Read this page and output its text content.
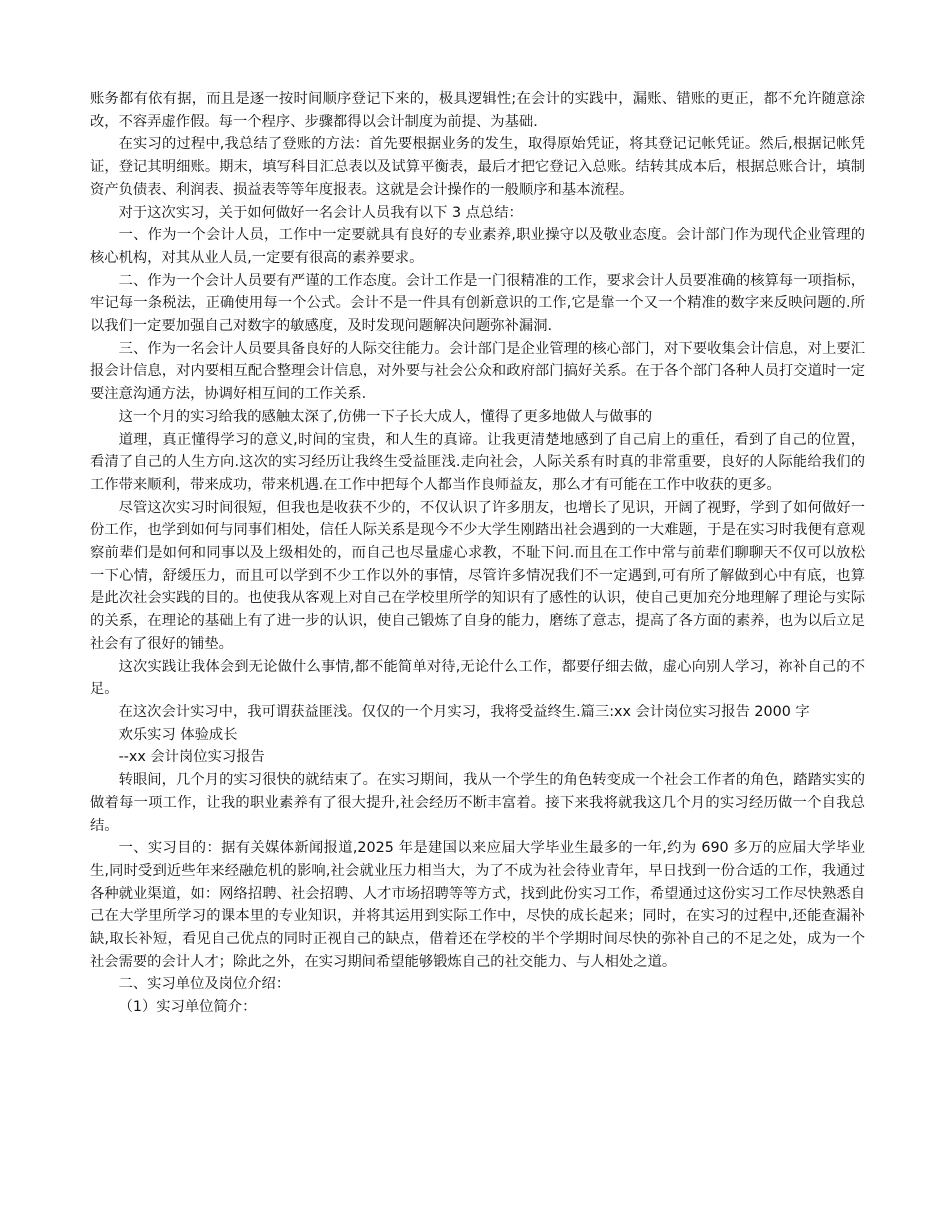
账务都有依有据，而且是逐一按时间顺序登记下来的，极具逻辑性;在会计的实践中，漏账、错账的更正，都不允许随意涂改，不容弄虚作假。每一个程序、步骤都得以会计制度为前提、为基础.

在实习的过程中,我总结了登账的方法：首先要根据业务的发生，取得原始凭证，将其登记记帐凭证。然后,根据记帐凭证，登记其明细账。期末，填写科目汇总表以及试算平衡表，最后才把它登记入总账。结转其成本后，根据总账合计，填制资产负债表、利润表、损益表等等年度报表。这就是会计操作的一般顺序和基本流程。

对于这次实习，关于如何做好一名会计人员我有以下 3 点总结：

一、作为一个会计人员，工作中一定要就具有良好的专业素养,职业操守以及敬业态度。会计部门作为现代企业管理的核心机构，对其从业人员,一定要有很高的素养要求。

二、作为一个会计人员要有严谨的工作态度。会计工作是一门很精准的工作，要求会计人员要准确的核算每一项指标，牢记每一条税法，正确使用每一个公式。会计不是一件具有创新意识的工作,它是靠一个又一个精准的数字来反映问题的.所以我们一定要加强自己对数字的敏感度，及时发现问题解决问题弥补漏洞.

三、作为一名会计人员要具备良好的人际交往能力。会计部门是企业管理的核心部门，对下要收集会计信息，对上要汇报会计信息，对内要相互配合整理会计信息，对外要与社会公众和政府部门搞好关系。在于各个部门各种人员打交道时一定要注意沟通方法，协调好相互间的工作关系.

这一个月的实习给我的感触太深了,仿佛一下子长大成人，懂得了更多地做人与做事的

道理，真正懂得学习的意义,时间的宝贵，和人生的真谛。让我更清楚地感到了自己肩上的重任，看到了自己的位置，看清了自己的人生方向.这次的实习经历让我终生受益匪浅.走向社会，人际关系有时真的非常重要，良好的人际能给我们的工作带来顺利，带来成功，带来机遇.在工作中把每个人都当作良师益友，那么才有可能在工作中收获的更多。

尽管这次实习时间很短，但我也是收获不少的，不仅认识了许多朋友，也增长了见识，开阔了视野，学到了如何做好一份工作，也学到如何与同事们相处，信任人际关系是现今不少大学生刚踏出社会遇到的一大难题，于是在实习时我便有意观察前辈们是如何和同事以及上级相处的，而自己也尽量虚心求教，不耻下问.而且在工作中常与前辈们聊聊天不仅可以放松一下心情，舒缓压力，而且可以学到不少工作以外的事情，尽管许多情况我们不一定遇到,可有所了解做到心中有底，也算是此次社会实践的目的。也使我从客观上对自己在学校里所学的知识有了感性的认识，使自己更加充分地理解了理论与实际的关系，在理论的基础上有了进一步的认识，使自己锻炼了自身的能力，磨练了意志，提高了各方面的素养，也为以后立足社会有了很好的铺垫。

这次实践让我体会到无论做什么事情,都不能简单对待,无论什么工作，都要仔细去做，虚心向别人学习，祢补自己的不足。

在这次会计实习中，我可谓获益匪浅。仅仅的一个月实习，我将受益终生.篇三:xx 会计岗位实习报告 2000 字

欢乐实习 体验成长

--xx 会计岗位实习报告

转眼间，几个月的实习很快的就结束了。在实习期间，我从一个学生的角色转变成一个社会工作者的角色，踏踏实实的做着每一项工作，让我的职业素养有了很大提升,社会经历不断丰富着。接下来我将就我这几个月的实习经历做一个自我总结。

一、实习目的：据有关媒体新闻报道,2025 年是建国以来应届大学毕业生最多的一年,约为 690 多万的应届大学毕业生,同时受到近些年来经融危机的影响,社会就业压力相当大，为了不成为社会待业青年，早日找到一份合适的工作，我通过各种就业渠道，如：网络招聘、社会招聘、人才市场招聘等等方式，找到此份实习工作，希望通过这份实习工作尽快熟悉自己在大学里所学习的课本里的专业知识，并将其运用到实际工作中，尽快的成长起来；同时，在实习的过程中,还能查漏补缺,取长补短，看见自己优点的同时正视自己的缺点，借着还在学校的半个学期时间尽快的弥补自己的不足之处，成为一个社会需要的会计人才；除此之外，在实习期间希望能够锻炼自己的社交能力、与人相处之道。

二、实习单位及岗位介绍：

（1）实习单位简介：
